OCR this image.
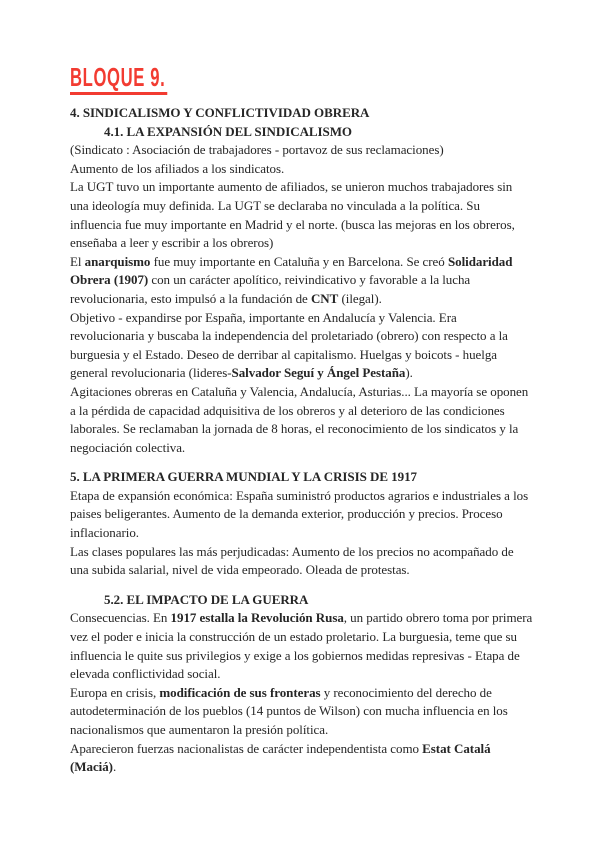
BLOQUE 9.
4. SINDICALISMO Y CONFLICTIVIDAD OBRERA
4.1. LA EXPANSIÓN DEL SINDICALISMO
(Sindicato : Asociación de trabajadores - portavoz de sus reclamaciones)
Aumento de los afiliados a los sindicatos.
La UGT tuvo un importante aumento de afiliados, se unieron muchos trabajadores sin una ideología muy definida. La UGT se declaraba no vinculada a la política. Su influencia fue muy importante en Madrid y el norte. (busca las mejoras en los obreros, enseñaba a leer y escribir a los obreros)
El anarquismo fue muy importante en Cataluña y en Barcelona. Se creó Solidaridad Obrera (1907) con un carácter apolítico, reivindicativo y favorable a la lucha revolucionaria, esto impulsó a la fundación de CNT (ilegal).
Objetivo - expandirse por España, importante en Andalucía y Valencia. Era revolucionaria y buscaba la independencia del proletariado (obrero) con respecto a la burguesia y el Estado. Deseo de derribar al capitalismo. Huelgas y boicots - huelga general revolucionaria (lideres-Salvador Seguí y Ángel Pestaña).
Agitaciones obreras en Cataluña y Valencia, Andalucía, Asturias... La mayoría se oponen a la pérdida de capacidad adquisitiva de los obreros y al deterioro de las condiciones laborales. Se reclamaban la jornada de 8 horas, el reconocimiento de los sindicatos y la negociación colectiva.
5. LA PRIMERA GUERRA MUNDIAL Y LA CRISIS DE 1917
Etapa de expansión económica: España suministró productos agrarios e industriales a los paises beligerantes. Aumento de la demanda exterior, producción y precios. Proceso inflacionario.
Las clases populares las más perjudicadas: Aumento de los precios no acompañado de una subida salarial, nivel de vida empeorado. Oleada de protestas.
5.2. EL IMPACTO DE LA GUERRA
Consecuencias. En 1917 estalla la Revolución Rusa, un partido obrero toma por primera vez el poder e inicia la construcción de un estado proletario. La burguesia, teme que su influencia le quite sus privilegios y exige a los gobiernos medidas represivas - Etapa de elevada conflictividad social.
Europa en crisis, modificación de sus fronteras y reconocimiento del derecho de autodeterminación de los pueblos (14 puntos de Wilson) con mucha influencia en los nacionalismos que aumentaron la presión política.
Aparecieron fuerzas nacionalistas de carácter independentista como Estat Catalá (Maciá).
